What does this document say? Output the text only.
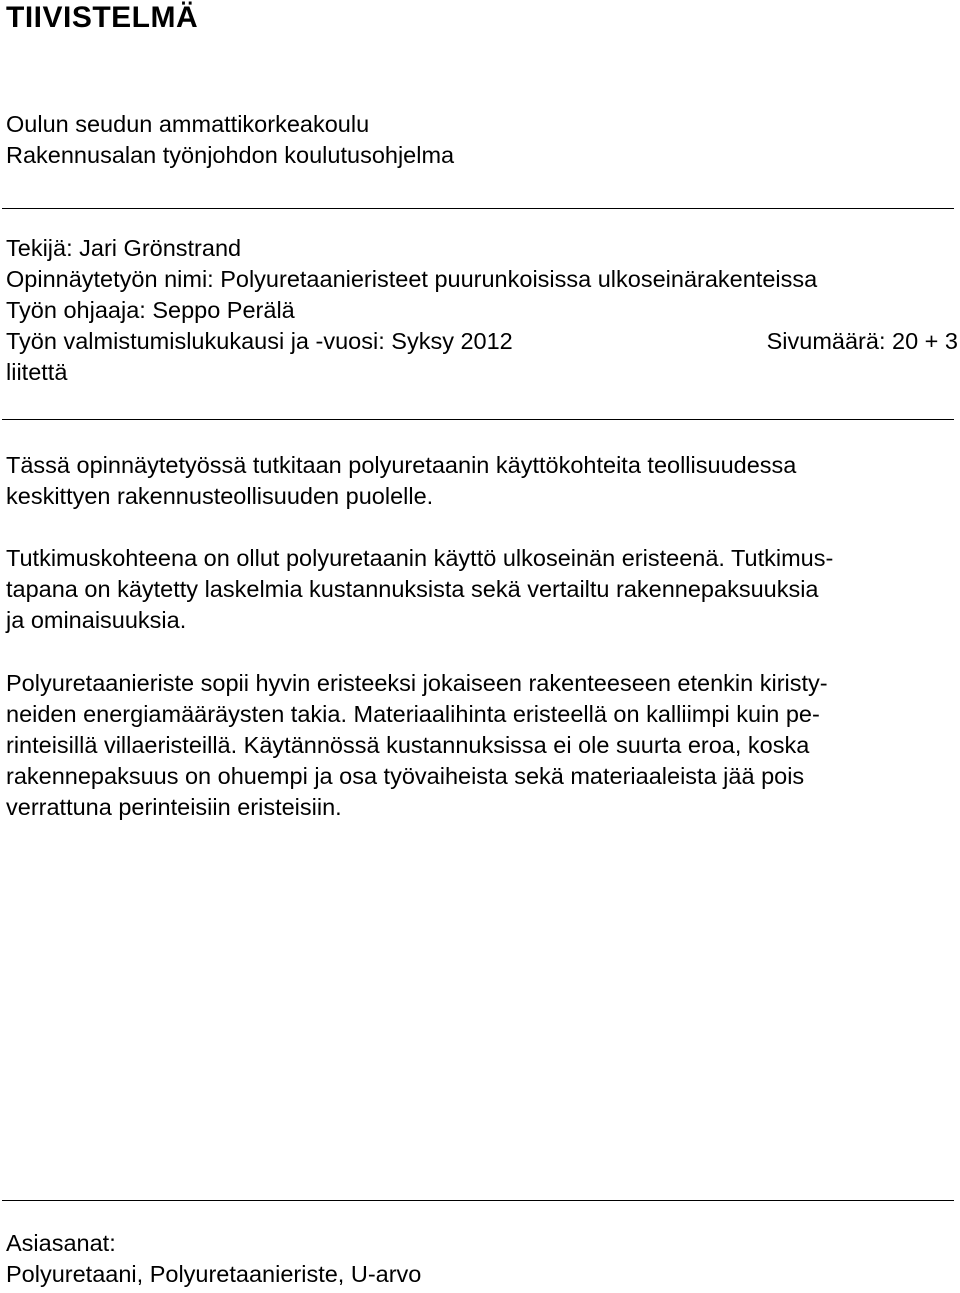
TIIVISTELMÄ
Oulun seudun ammattikorkeakoulu
Rakennusalan työnjohdon koulutusohjelma
Tekijä: Jari Grönstrand
Opinnäytetyön nimi: Polyuretaanieristeet puurunkoisissa ulkoseinärakenteissa
Työn ohjaaja: Seppo Perälä
Työn valmistumislukukausi ja -vuosi: Syksy 2012	Sivumäärä: 20 + 3
liitettä
Tässä opinnäytetyössä tutkitaan polyuretaanin käyttökohteita teollisuudessa
keskittyen rakennusteollisuuden puolelle.
Tutkimuskohteena on ollut polyuretaanin käyttö ulkoseinän eristeenä. Tutkimus-
tapana on käytetty laskelmia kustannuksista sekä vertailtu rakennepaksuuksia
ja ominaisuuksia.
Polyuretaanieriste sopii hyvin eristeeksi jokaiseen rakenteeseen etenkin kiristy-
neiden energiamääräysten takia. Materiaalihinta eristeellä on kalliimpi kuin pe-
rinteisillä villaeristeillä. Käytännössä kustannuksissa ei ole suurta eroa, koska
rakennepaksuus on ohuempi ja osa työvaiheista sekä materiaaleista jää pois
verrattuna perinteisiin eristeisiin.
Asiasanat:
Polyuretaani, Polyuretaanieriste, U-arvo
